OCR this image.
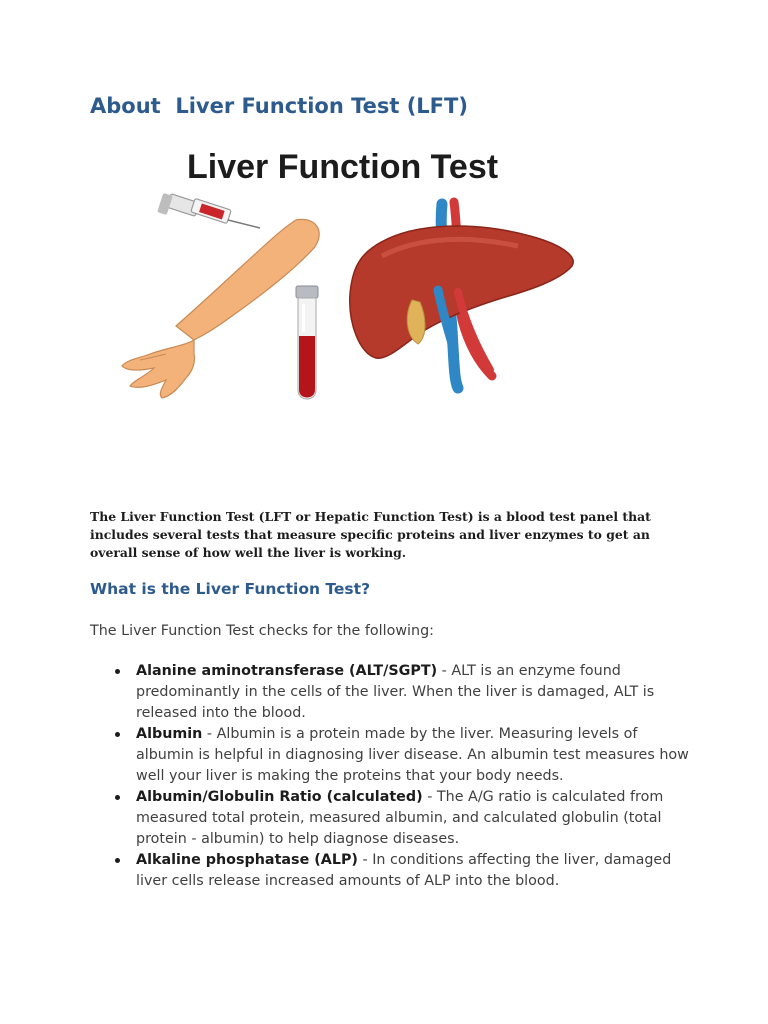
About  Liver Function Test (LFT)
Liver Function Test

The Liver Function Test (LFT or Hepatic Function Test) is a blood test panel that includes several tests that measure specific proteins and liver enzymes to get an overall sense of how well the liver is working.

What is the Liver Function Test?

The Liver Function Test checks for the following:

Alanine aminotransferase (ALT/SGPT) - ALT is an enzyme found predominantly in the cells of the liver. When the liver is damaged, ALT is released into the blood.
Albumin - Albumin is a protein made by the liver. Measuring levels of albumin is helpful in diagnosing liver disease. An albumin test measures how well your liver is making the proteins that your body needs.
Albumin/Globulin Ratio (calculated) - The A/G ratio is calculated from measured total protein, measured albumin, and calculated globulin (total protein - albumin) to help diagnose diseases.
Alkaline phosphatase (ALP) - In conditions affecting the liver, damaged liver cells release increased amounts of ALP into the blood.
